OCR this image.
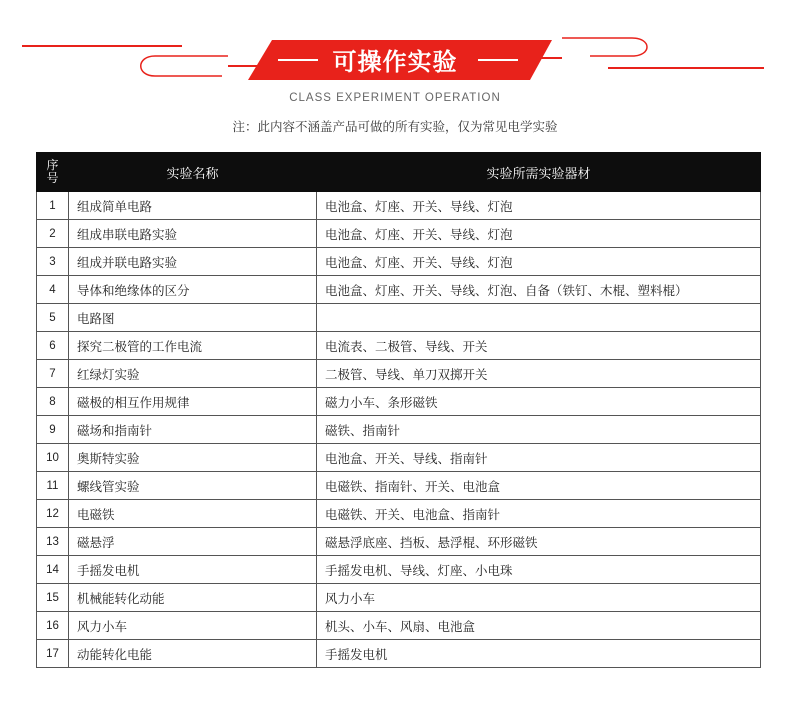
可操作实验
CLASS EXPERIMENT OPERATION
注：此内容不涵盖产品可做的所有实验，仅为常见电学实验
序
号	实验名称	实验所需实验器材
1	组成简单电路	电池盒、灯座、开关、导线、灯泡
2	组成串联电路实验	电池盒、灯座、开关、导线、灯泡
3	组成并联电路实验	电池盒、灯座、开关、导线、灯泡
4	导体和绝缘体的区分	电池盒、灯座、开关、导线、灯泡、自备（铁钉、木棍、塑料棍）
5	电路图	
6	探究二极管的工作电流	电流表、二极管、导线、开关
7	红绿灯实验	二极管、导线、单刀双掷开关
8	磁极的相互作用规律	磁力小车、条形磁铁
9	磁场和指南针	磁铁、指南针
10	奥斯特实验	电池盒、开关、导线、指南针
11	螺线管实验	电磁铁、指南针、开关、电池盒
12	电磁铁	电磁铁、开关、电池盒、指南针
13	磁悬浮	磁悬浮底座、挡板、悬浮棍、环形磁铁
14	手摇发电机	手摇发电机、导线、灯座、小电珠
15	机械能转化动能	风力小车
16	风力小车	机头、小车、风扇、电池盒
17	动能转化电能	手摇发电机
